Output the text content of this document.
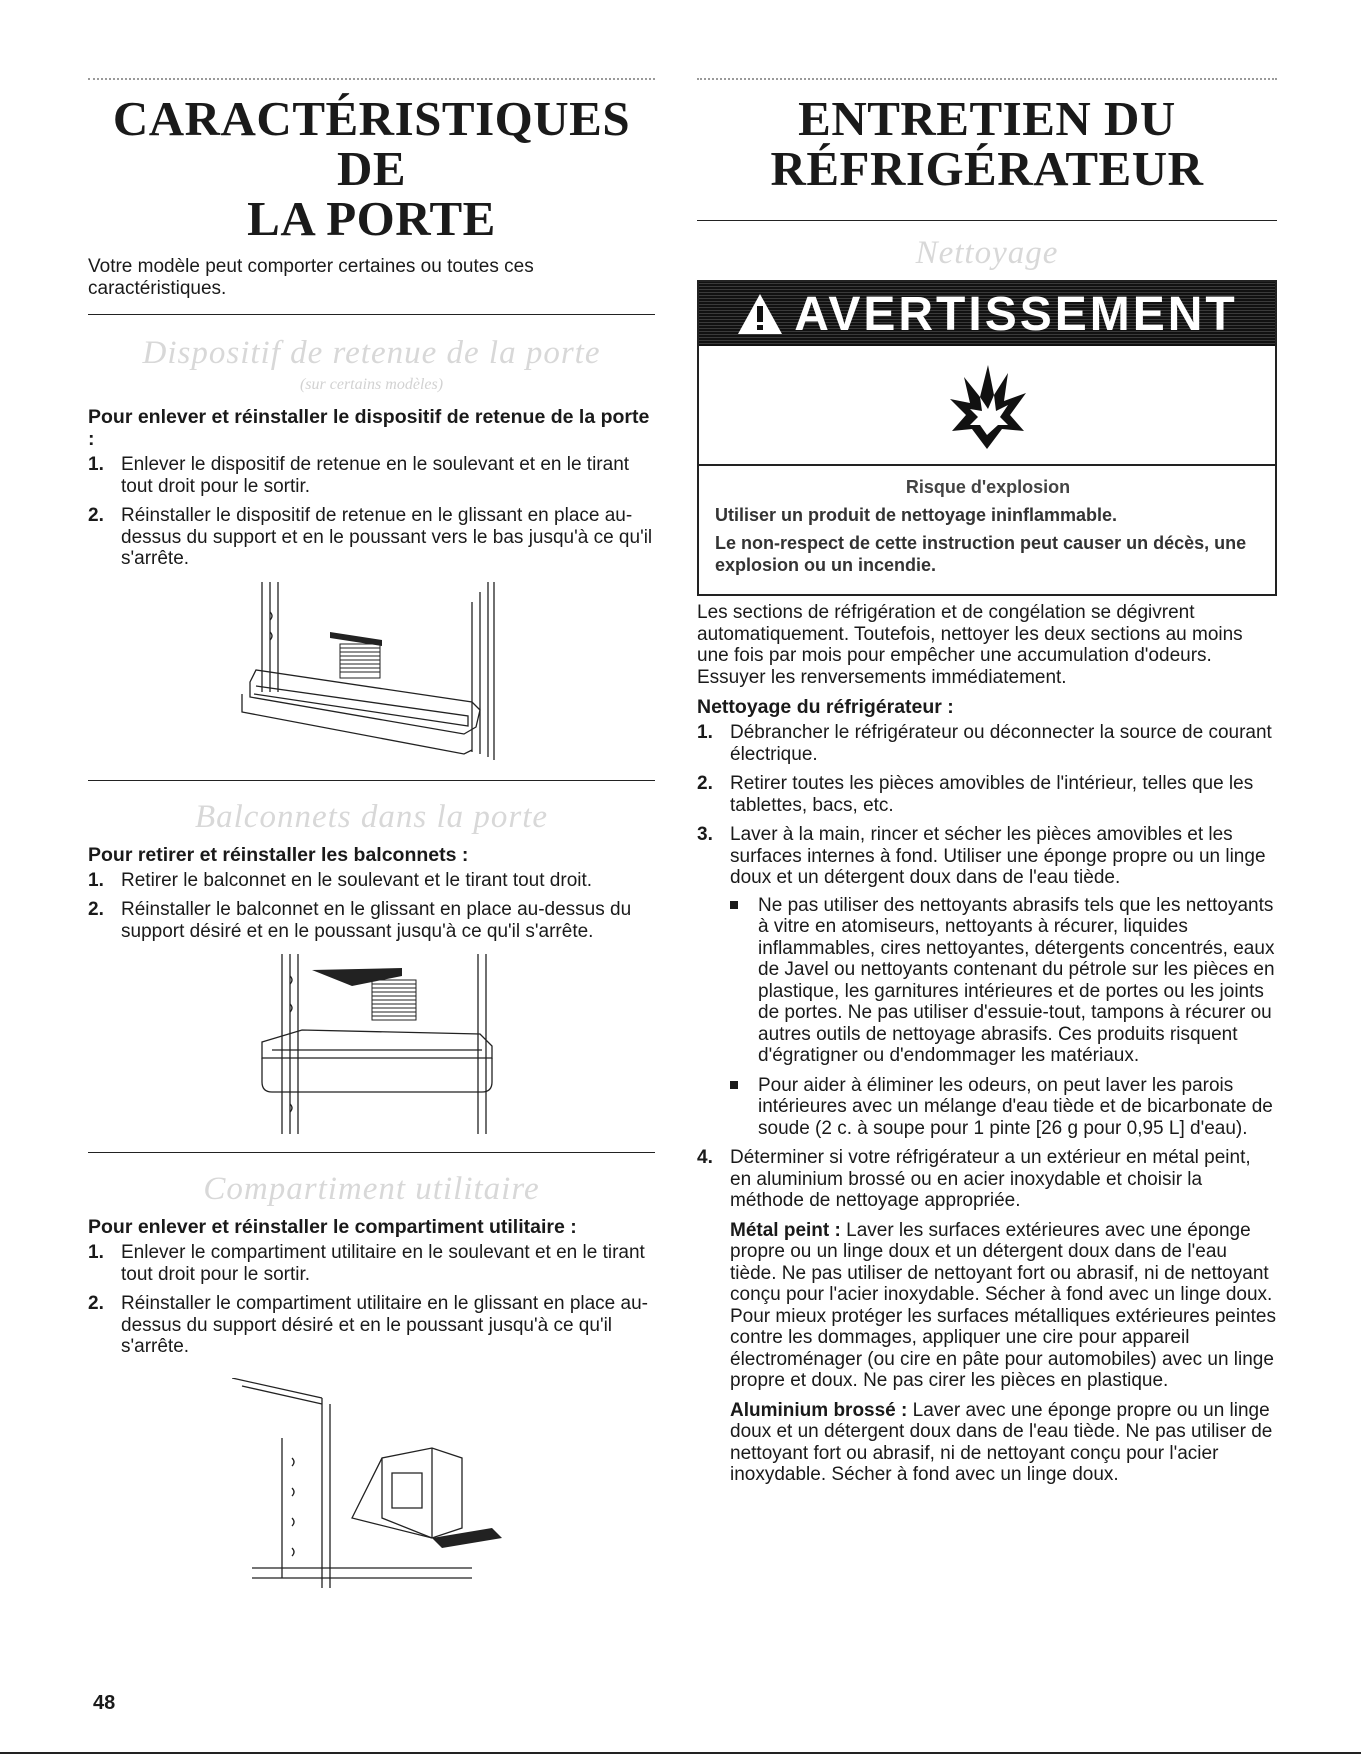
CARACTÉRISTIQUES DE
LA PORTE

Votre modèle peut comporter certaines ou toutes ces caractéristiques.

Dispositif de retenue de la porte
(sur certains modèles)
Pour enlever et réinstaller le dispositif de retenue de la porte :
1. Enlever le dispositif de retenue en le soulevant et en le tirant tout droit pour le sortir.
2. Réinstaller le dispositif de retenue en le glissant en place au-dessus du support et en le poussant vers le bas jusqu'à ce qu'il s'arrête.
Balconnets dans la porte
Pour retirer et réinstaller les balconnets :
1. Retirer le balconnet en le soulevant et le tirant tout droit.
2. Réinstaller le balconnet en le glissant en place au-dessus du support désiré et en le poussant jusqu'à ce qu'il s'arrête.
Compartiment utilitaire
Pour enlever et réinstaller le compartiment utilitaire :
1. Enlever le compartiment utilitaire en le soulevant et en le tirant tout droit pour le sortir.
2. Réinstaller le compartiment utilitaire en le glissant en place au-dessus du support désiré et en le poussant jusqu'à ce qu'il s'arrête.
ENTRETIEN DU
RÉFRIGÉRATEUR
Nettoyage
AVERTISSEMENT

Risque d'explosion

Utiliser un produit de nettoyage ininflammable.

Le non-respect de cette instruction peut causer un décès, une explosion ou un incendie.

Les sections de réfrigération et de congélation se dégivrent automatiquement. Toutefois, nettoyer les deux sections au moins une fois par mois pour empêcher une accumulation d'odeurs. Essuyer les renversements immédiatement.

Nettoyage du réfrigérateur :
1. Débrancher le réfrigérateur ou déconnecter la source de courant électrique.
2. Retirer toutes les pièces amovibles de l'intérieur, telles que les tablettes, bacs, etc.
3. Laver à la main, rincer et sécher les pièces amovibles et les surfaces internes à fond. Utiliser une éponge propre ou un linge doux et un détergent doux dans de l'eau tiède.
Ne pas utiliser des nettoyants abrasifs tels que les nettoyants à vitre en atomiseurs, nettoyants à récurer, liquides inflammables, cires nettoyantes, détergents concentrés, eaux de Javel ou nettoyants contenant du pétrole sur les pièces en plastique, les garnitures intérieures et de portes ou les joints de portes. Ne pas utiliser d'essuie-tout, tampons à récurer ou autres outils de nettoyage abrasifs. Ces produits risquent d'égratigner ou d'endommager les matériaux.
Pour aider à éliminer les odeurs, on peut laver les parois intérieures avec un mélange d'eau tiède et de bicarbonate de soude (2 c. à soupe pour 1 pinte [26 g pour 0,95 L] d'eau).
4. Déterminer si votre réfrigérateur a un extérieur en métal peint, en aluminium brossé ou en acier inoxydable et choisir la méthode de nettoyage appropriée.

Métal peint : Laver les surfaces extérieures avec une éponge propre ou un linge doux et un détergent doux dans de l'eau tiède. Ne pas utiliser de nettoyant fort ou abrasif, ni de nettoyant conçu pour l'acier inoxydable. Sécher à fond avec un linge doux. Pour mieux protéger les surfaces métalliques extérieures peintes contre les dommages, appliquer une cire pour appareil électroménager (ou cire en pâte pour automobiles) avec un linge propre et doux. Ne pas cirer les pièces en plastique.

Aluminium brossé : Laver avec une éponge propre ou un linge doux et un détergent doux dans de l'eau tiède. Ne pas utiliser de nettoyant fort ou abrasif, ni de nettoyant conçu pour l'acier inoxydable. Sécher à fond avec un linge doux.

48
